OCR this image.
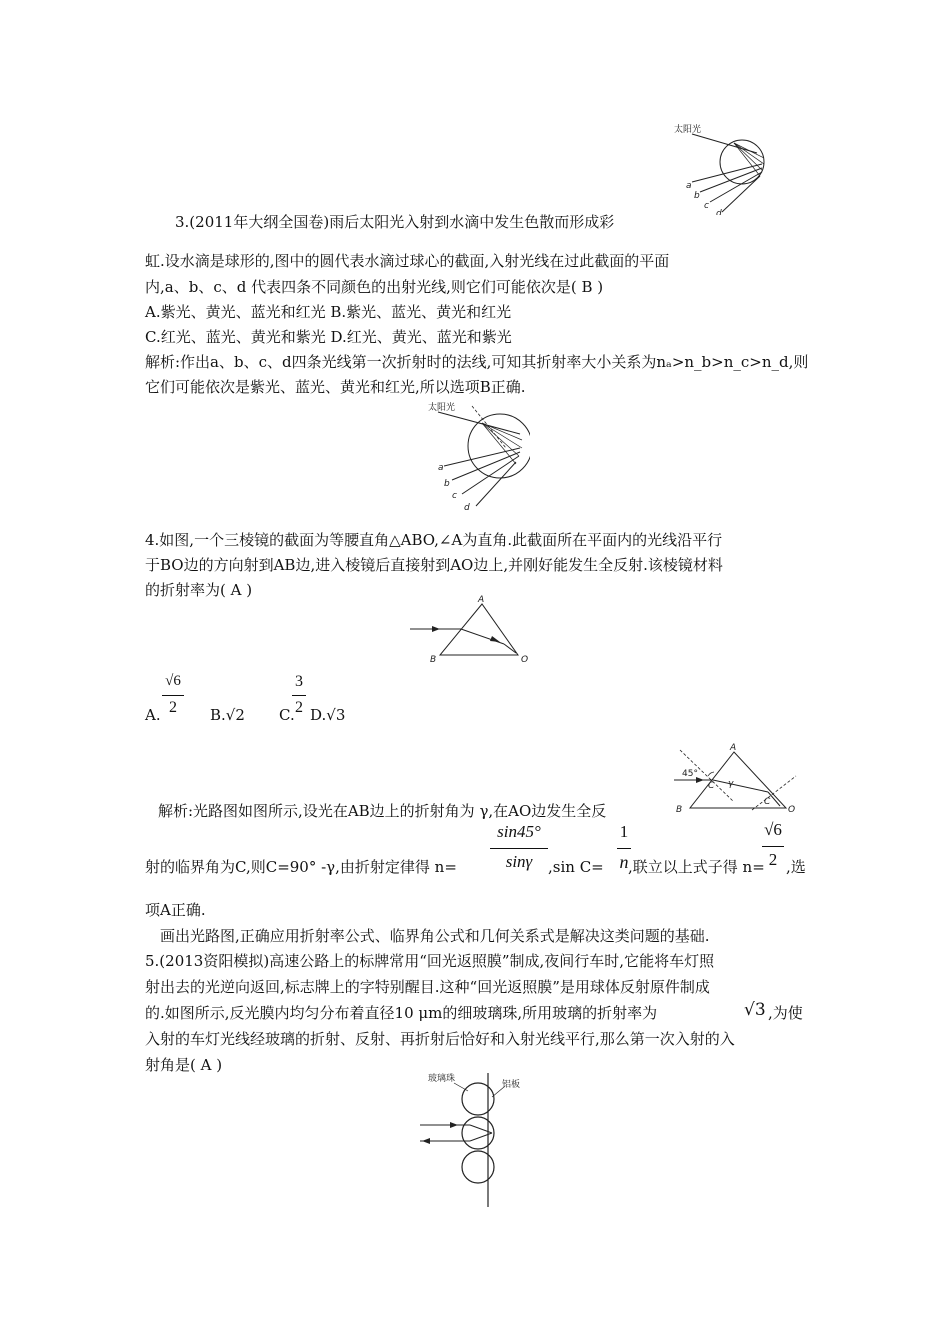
太阳光
a
b
c
d
3.(2011年大纲全国卷)雨后太阳光入射到水滴中发生色散而形成彩
虹.设水滴是球形的,图中的圆代表水滴过球心的截面,入射光线在过此截面的平面
内,a、b、c、d 代表四条不同颜色的出射光线,则它们可能依次是( B )
A.紫光、黄光、蓝光和红光 B.紫光、蓝光、黄光和红光
C.红光、蓝光、黄光和紫光 D.红光、黄光、蓝光和紫光
解析:作出a、b、c、d四条光线第一次折射时的法线,可知其折射率大小关系为nₐ>n_b>n_c>n_d,则
它们可能依次是紫光、蓝光、黄光和红光,所以选项B正确.
太阳光
a
b
c
d
4.如图,一个三棱镜的截面为等腰直角△ABO,∠A为直角.此截面所在平面内的光线沿平行
于BO边的方向射到AB边,进入棱镜后直接射到AO边上,并刚好能发生全反射.该棱镜材料
的折射率为( A )
A
B	O
A.
√6
2	B.√2 C.
3
2 D.√3
A
B	O
45°
C γ
C
解析:光路图如图所示,设光在AB边上的折射角为 γ,在AO边发生全反
射的临界角为C,则C=90° -γ,由折射定律得 n=
sin45°
sinγ	,sin C=
1
n ,联立以上式子得 n=
√6
2 ,选
项A正确.
画出光路图,正确应用折射率公式、临界角公式和几何关系式是解决这类问题的基础.
5.(2013资阳模拟)高速公路上的标牌常用“回光返照膜”制成,夜间行车时,它能将车灯照
射出去的光逆向返回,标志牌上的字特别醒目.这种“回光返照膜”是用球体反射原件制成
的.如图所示,反光膜内均匀分布着直径10 μm的细玻璃珠,所用玻璃的折射率为	√3 ,为使
入射的车灯光线经玻璃的折射、反射、再折射后恰好和入射光线平行,那么第一次入射的入
射角是( A )
玻璃珠
铝板
